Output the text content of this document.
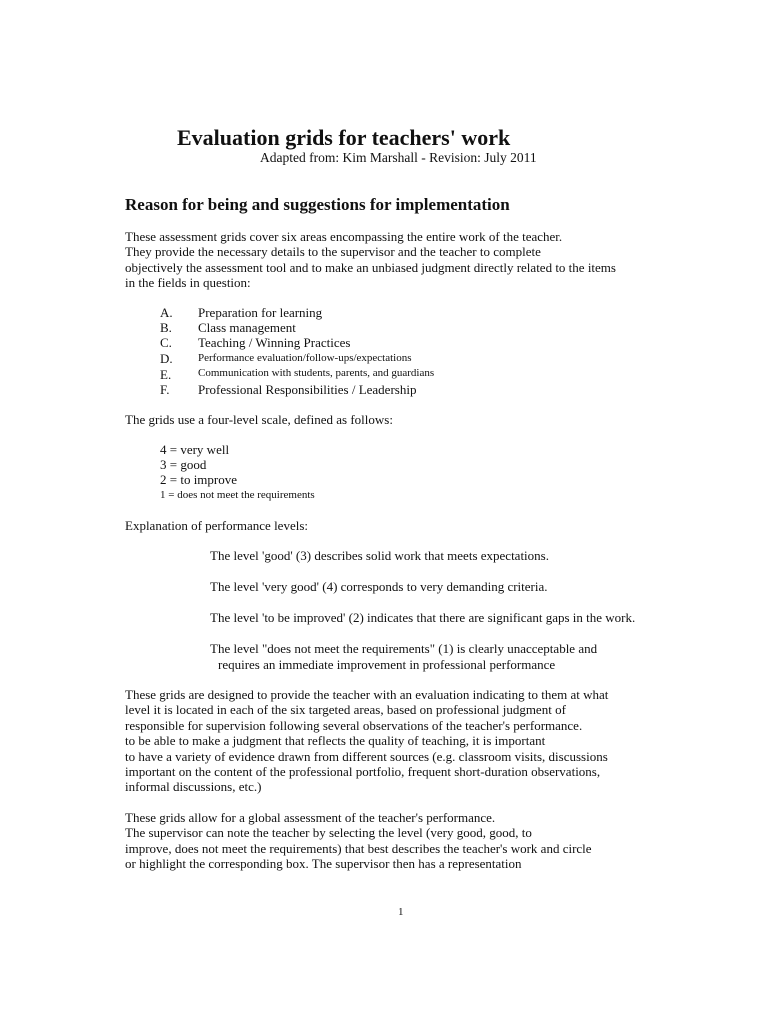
Evaluation grids for teachers' work
Adapted from: Kim Marshall - Revision: July 2011
Reason for being and suggestions for implementation
These assessment grids cover six areas encompassing the entire work of the teacher.
They provide the necessary details to the supervisor and the teacher to complete
objectively the assessment tool and to make an unbiased judgment directly related to the items
in the fields in question:
A. Preparation for learning
B. Class management
C. Teaching / Winning Practices
D. Performance evaluation/follow-ups/expectations
E. Communication with students, parents, and guardians
F. Professional Responsibilities / Leadership
The grids use a four-level scale, defined as follows:
4 = very well
3 = good
2 = to improve
1 = does not meet the requirements
Explanation of performance levels:
The level 'good' (3) describes solid work that meets expectations.
The level 'very good' (4) corresponds to very demanding criteria.
The level 'to be improved' (2) indicates that there are significant gaps in the work.
The level "does not meet the requirements" (1) is clearly unacceptable and
requires an immediate improvement in professional performance
These grids are designed to provide the teacher with an evaluation indicating to them at what
level it is located in each of the six targeted areas, based on professional judgment of
responsible for supervision following several observations of the teacher's performance.
to be able to make a judgment that reflects the quality of teaching, it is important
to have a variety of evidence drawn from different sources (e.g. classroom visits, discussions
important on the content of the professional portfolio, frequent short-duration observations,
informal discussions, etc.)
These grids allow for a global assessment of the teacher's performance.
The supervisor can note the teacher by selecting the level (very good, good, to
improve, does not meet the requirements) that best describes the teacher's work and circle
or highlight the corresponding box. The supervisor then has a representation
1
